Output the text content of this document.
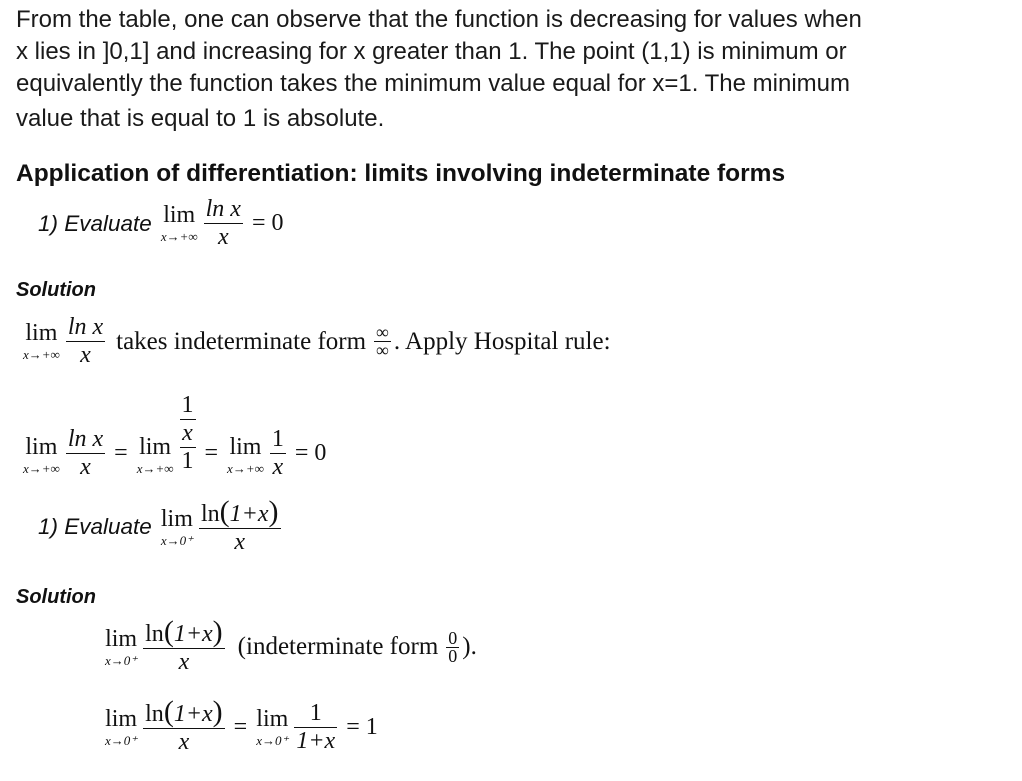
From the table, one can observe that the function is decreasing for values when
x lies in ]0,1] and increasing for x greater than 1. The point (1,1) is minimum or
equivalently the function takes the minimum value equal for x=1. The minimum
value that is equal to 1 is absolute.
Application of differentiation: limits involving indeterminate forms
1) Evaluate lim
$x\to+\infty \frac{\text{ln x}}{x} = 0$
Solution
lim
$x\to+\infty \frac{\text{ln x}}{x}$ takes indeterminate form $\frac{\infty}{\infty}$ . Apply Hospital rule:
lim
$x\to+\infty \frac{\text{ln x}}{x} = \lim$
$x\to+\infty \frac{\frac{1}{x}}{1} = \lim$
$x\to+\infty \frac{1}{x} = 0$
1) Evaluate lim
$x\to 0^+ \frac{\ln(1+x)}{x}$
Solution
lim
$x\to 0^+ \frac{\ln(1+x)}{x}$ (indeterminate form $\frac{0}{0}$ ).
lim
$x\to 0^+ \frac{\ln(1+x)}{x} = \lim$
$x\to 0^+ \frac{1}{1+x} = 1$
